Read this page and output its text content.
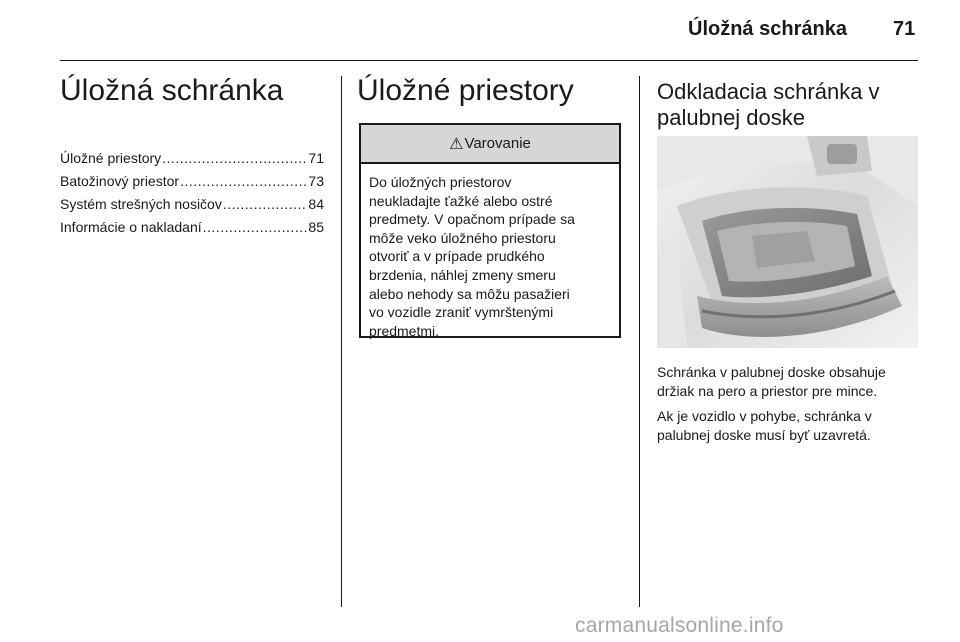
Úložná schránka 71
Úložná schránka
Úložné priestory .....	71
Batožinový priestor .....	73
Systém strešných nosičov .....	84
Informácie o nakladaní .....	85
Úložné priestory
⚠ Varovanie
Do úložných priestorov
neukladajte ťažké alebo ostré
predmety. V opačnom prípade sa
môže veko úložného priestoru
otvoriť a v prípade prudkého
brzdenia, náhlej zmeny smeru
alebo nehody sa môžu pasažieri
vo vozidle zraniť vymrštenými
predmetmi.
Odkladacia schránka v
palubnej doske
Schránka v palubnej doske obsahuje
držiak na pero a priestor pre mince.
Ak je vozidlo v pohybe, schránka v
palubnej doske musí byť uzavretá.
carmanualsonline.info
